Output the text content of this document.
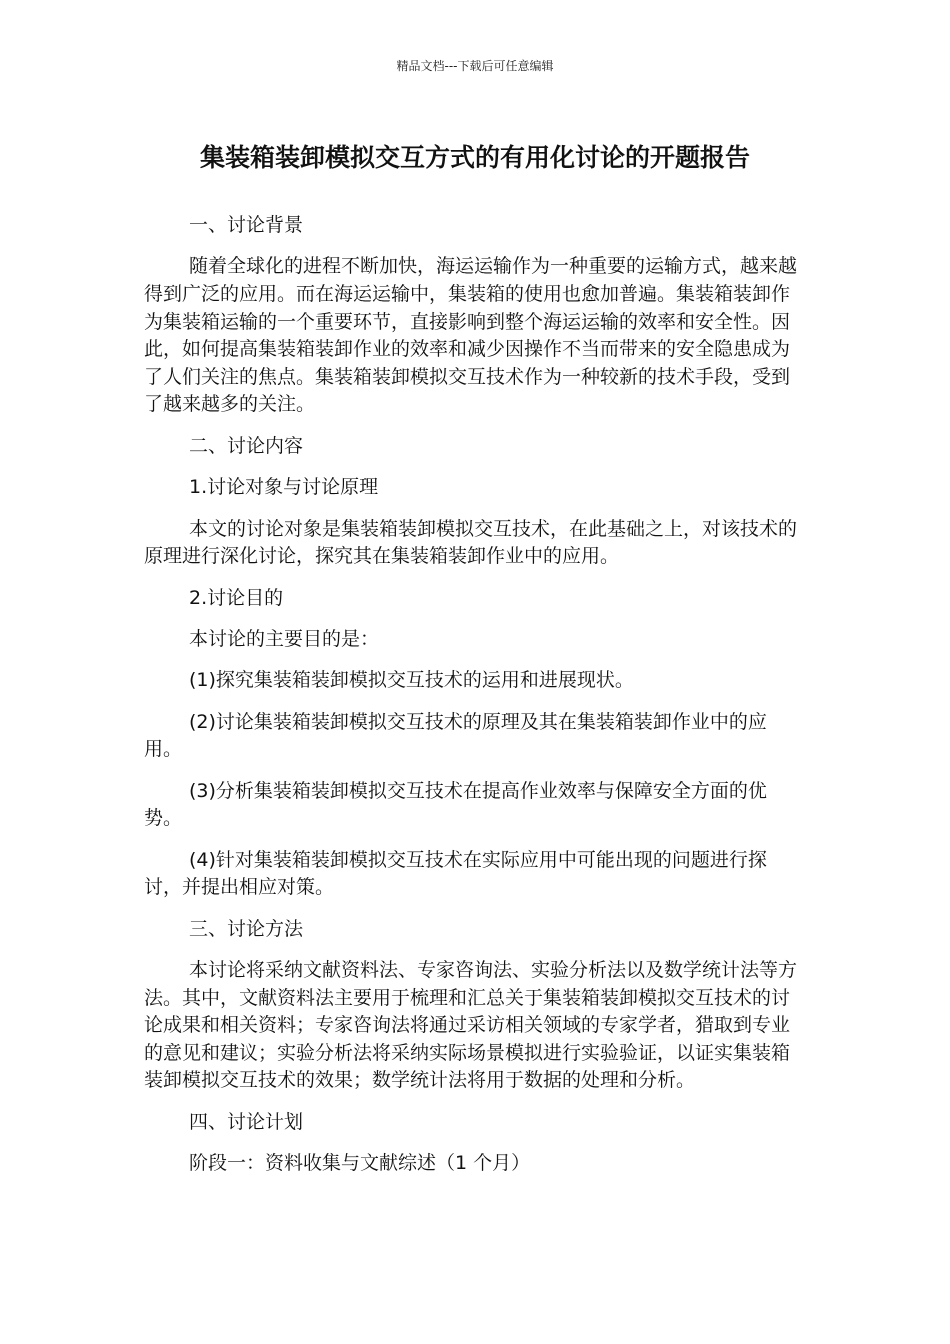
精品文档---下载后可任意编辑
集装箱装卸模拟交互方式的有用化讨论的开题报告

一、讨论背景

随着全球化的进程不断加快，海运运输作为一种重要的运输方式，越来越得到广泛的应用。而在海运运输中，集装箱的使用也愈加普遍。集装箱装卸作为集装箱运输的一个重要环节，直接影响到整个海运运输的效率和安全性。因此，如何提高集装箱装卸作业的效率和减少因操作不当而带来的安全隐患成为了人们关注的焦点。集装箱装卸模拟交互技术作为一种较新的技术手段，受到了越来越多的关注。

二、讨论内容

1.讨论对象与讨论原理

本文的讨论对象是集装箱装卸模拟交互技术，在此基础之上，对该技术的原理进行深化讨论，探究其在集装箱装卸作业中的应用。

2.讨论目的

本讨论的主要目的是：

(1)探究集装箱装卸模拟交互技术的运用和进展现状。

(2)讨论集装箱装卸模拟交互技术的原理及其在集装箱装卸作业中的应用。

(3)分析集装箱装卸模拟交互技术在提高作业效率与保障安全方面的优势。

(4)针对集装箱装卸模拟交互技术在实际应用中可能出现的问题进行探讨，并提出相应对策。

三、讨论方法

本讨论将采纳文献资料法、专家咨询法、实验分析法以及数学统计法等方法。其中，文献资料法主要用于梳理和汇总关于集装箱装卸模拟交互技术的讨论成果和相关资料；专家咨询法将通过采访相关领域的专家学者，猎取到专业的意见和建议；实验分析法将采纳实际场景模拟进行实验验证，以证实集装箱装卸模拟交互技术的效果；数学统计法将用于数据的处理和分析。

四、讨论计划

阶段一：资料收集与文献综述（1 个月）
